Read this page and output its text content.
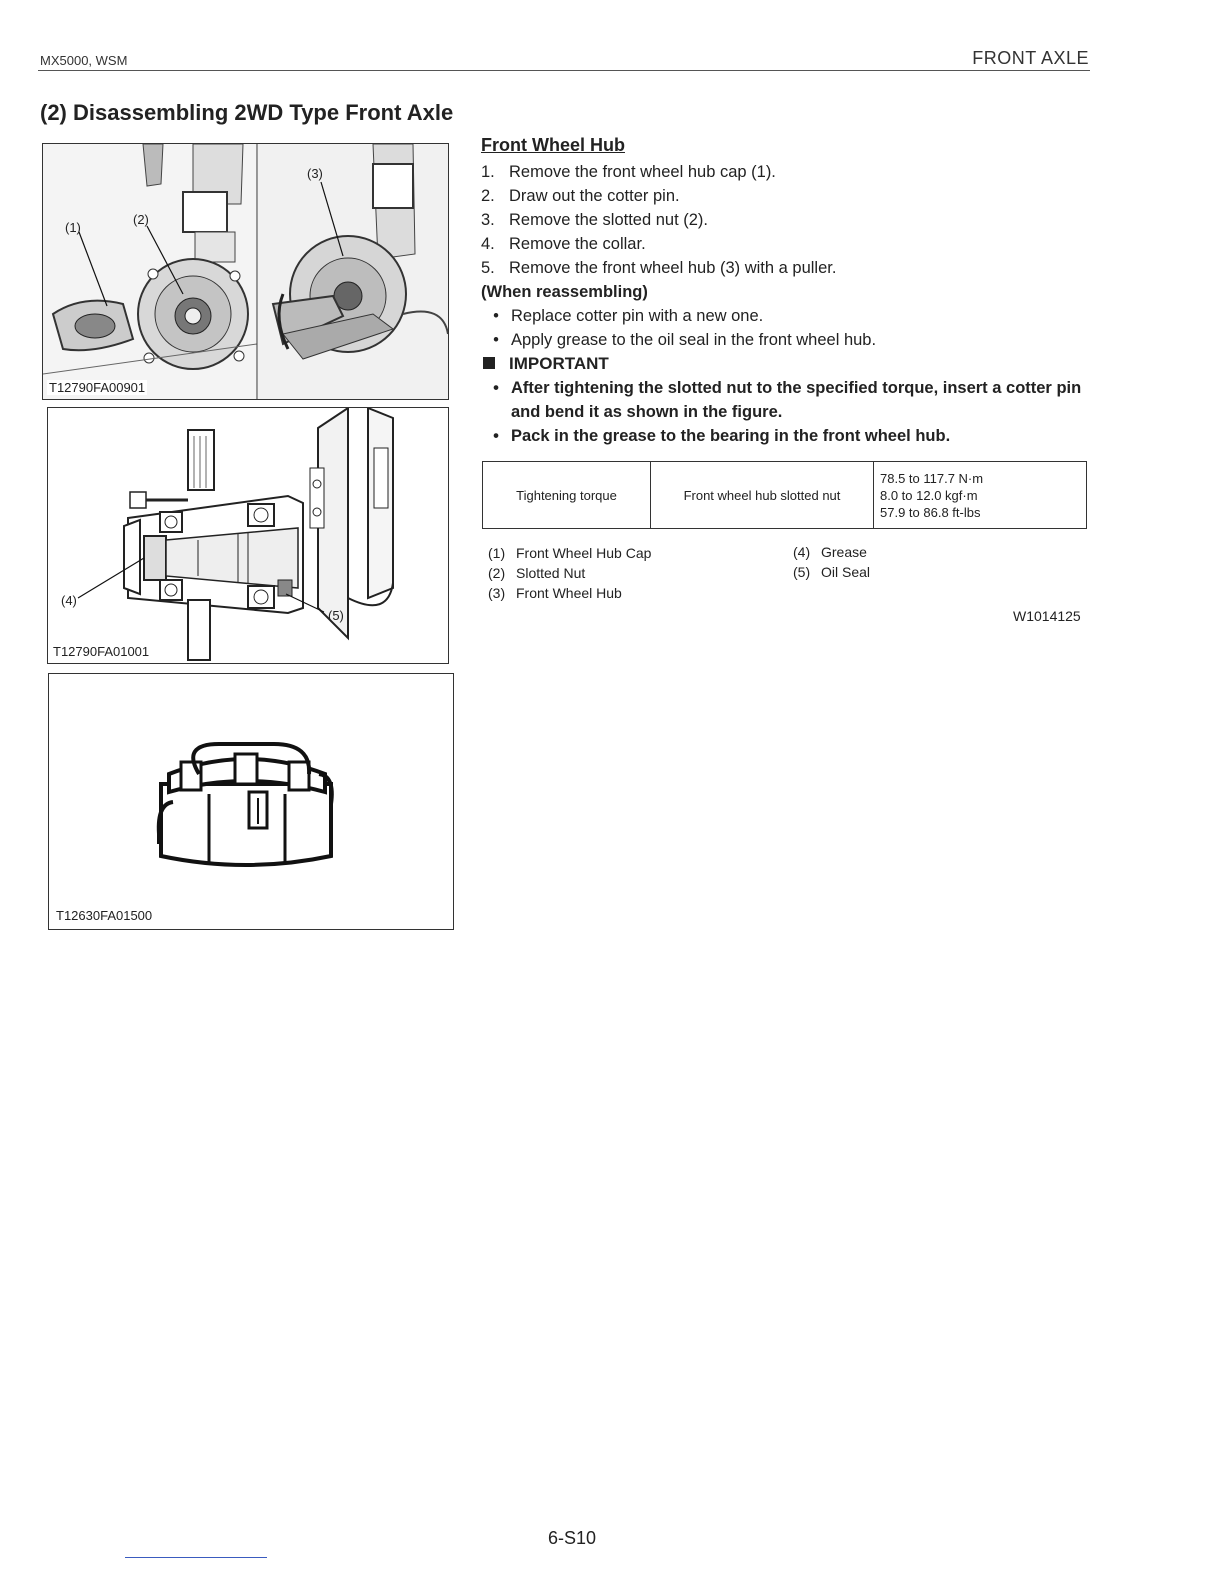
MX5000, WSM	FRONT AXLE
(2) Disassembling 2WD Type Front Axle
(1)
(2)
(3)
T12790FA00901
(4)
(5)
T12790FA01001
T12630FA01500
Front Wheel Hub
1. Remove the front wheel hub cap (1).
2. Draw out the cotter pin.
3. Remove the slotted nut (2).
4. Remove the collar.
5. Remove the front wheel hub (3) with a puller.
(When reassembling)
• Replace cotter pin with a new one.
• Apply grease to the oil seal in the front wheel hub.
IMPORTANT
• After tightening the slotted nut to the specified torque, insert a cotter pin and bend it as shown in the figure.
• Pack in the grease to the bearing in the front wheel hub.
Tightening torque	Front wheel hub slotted nut	
78.5 to 117.7 N·m
8.0 to 12.0 kgf·m
57.9 to 86.8 ft-lbs
(1) Front Wheel Hub Cap
(2) Slotted Nut
(3) Front Wheel Hub
(4) Grease
(5) Oil Seal
W1014125
6-S10
